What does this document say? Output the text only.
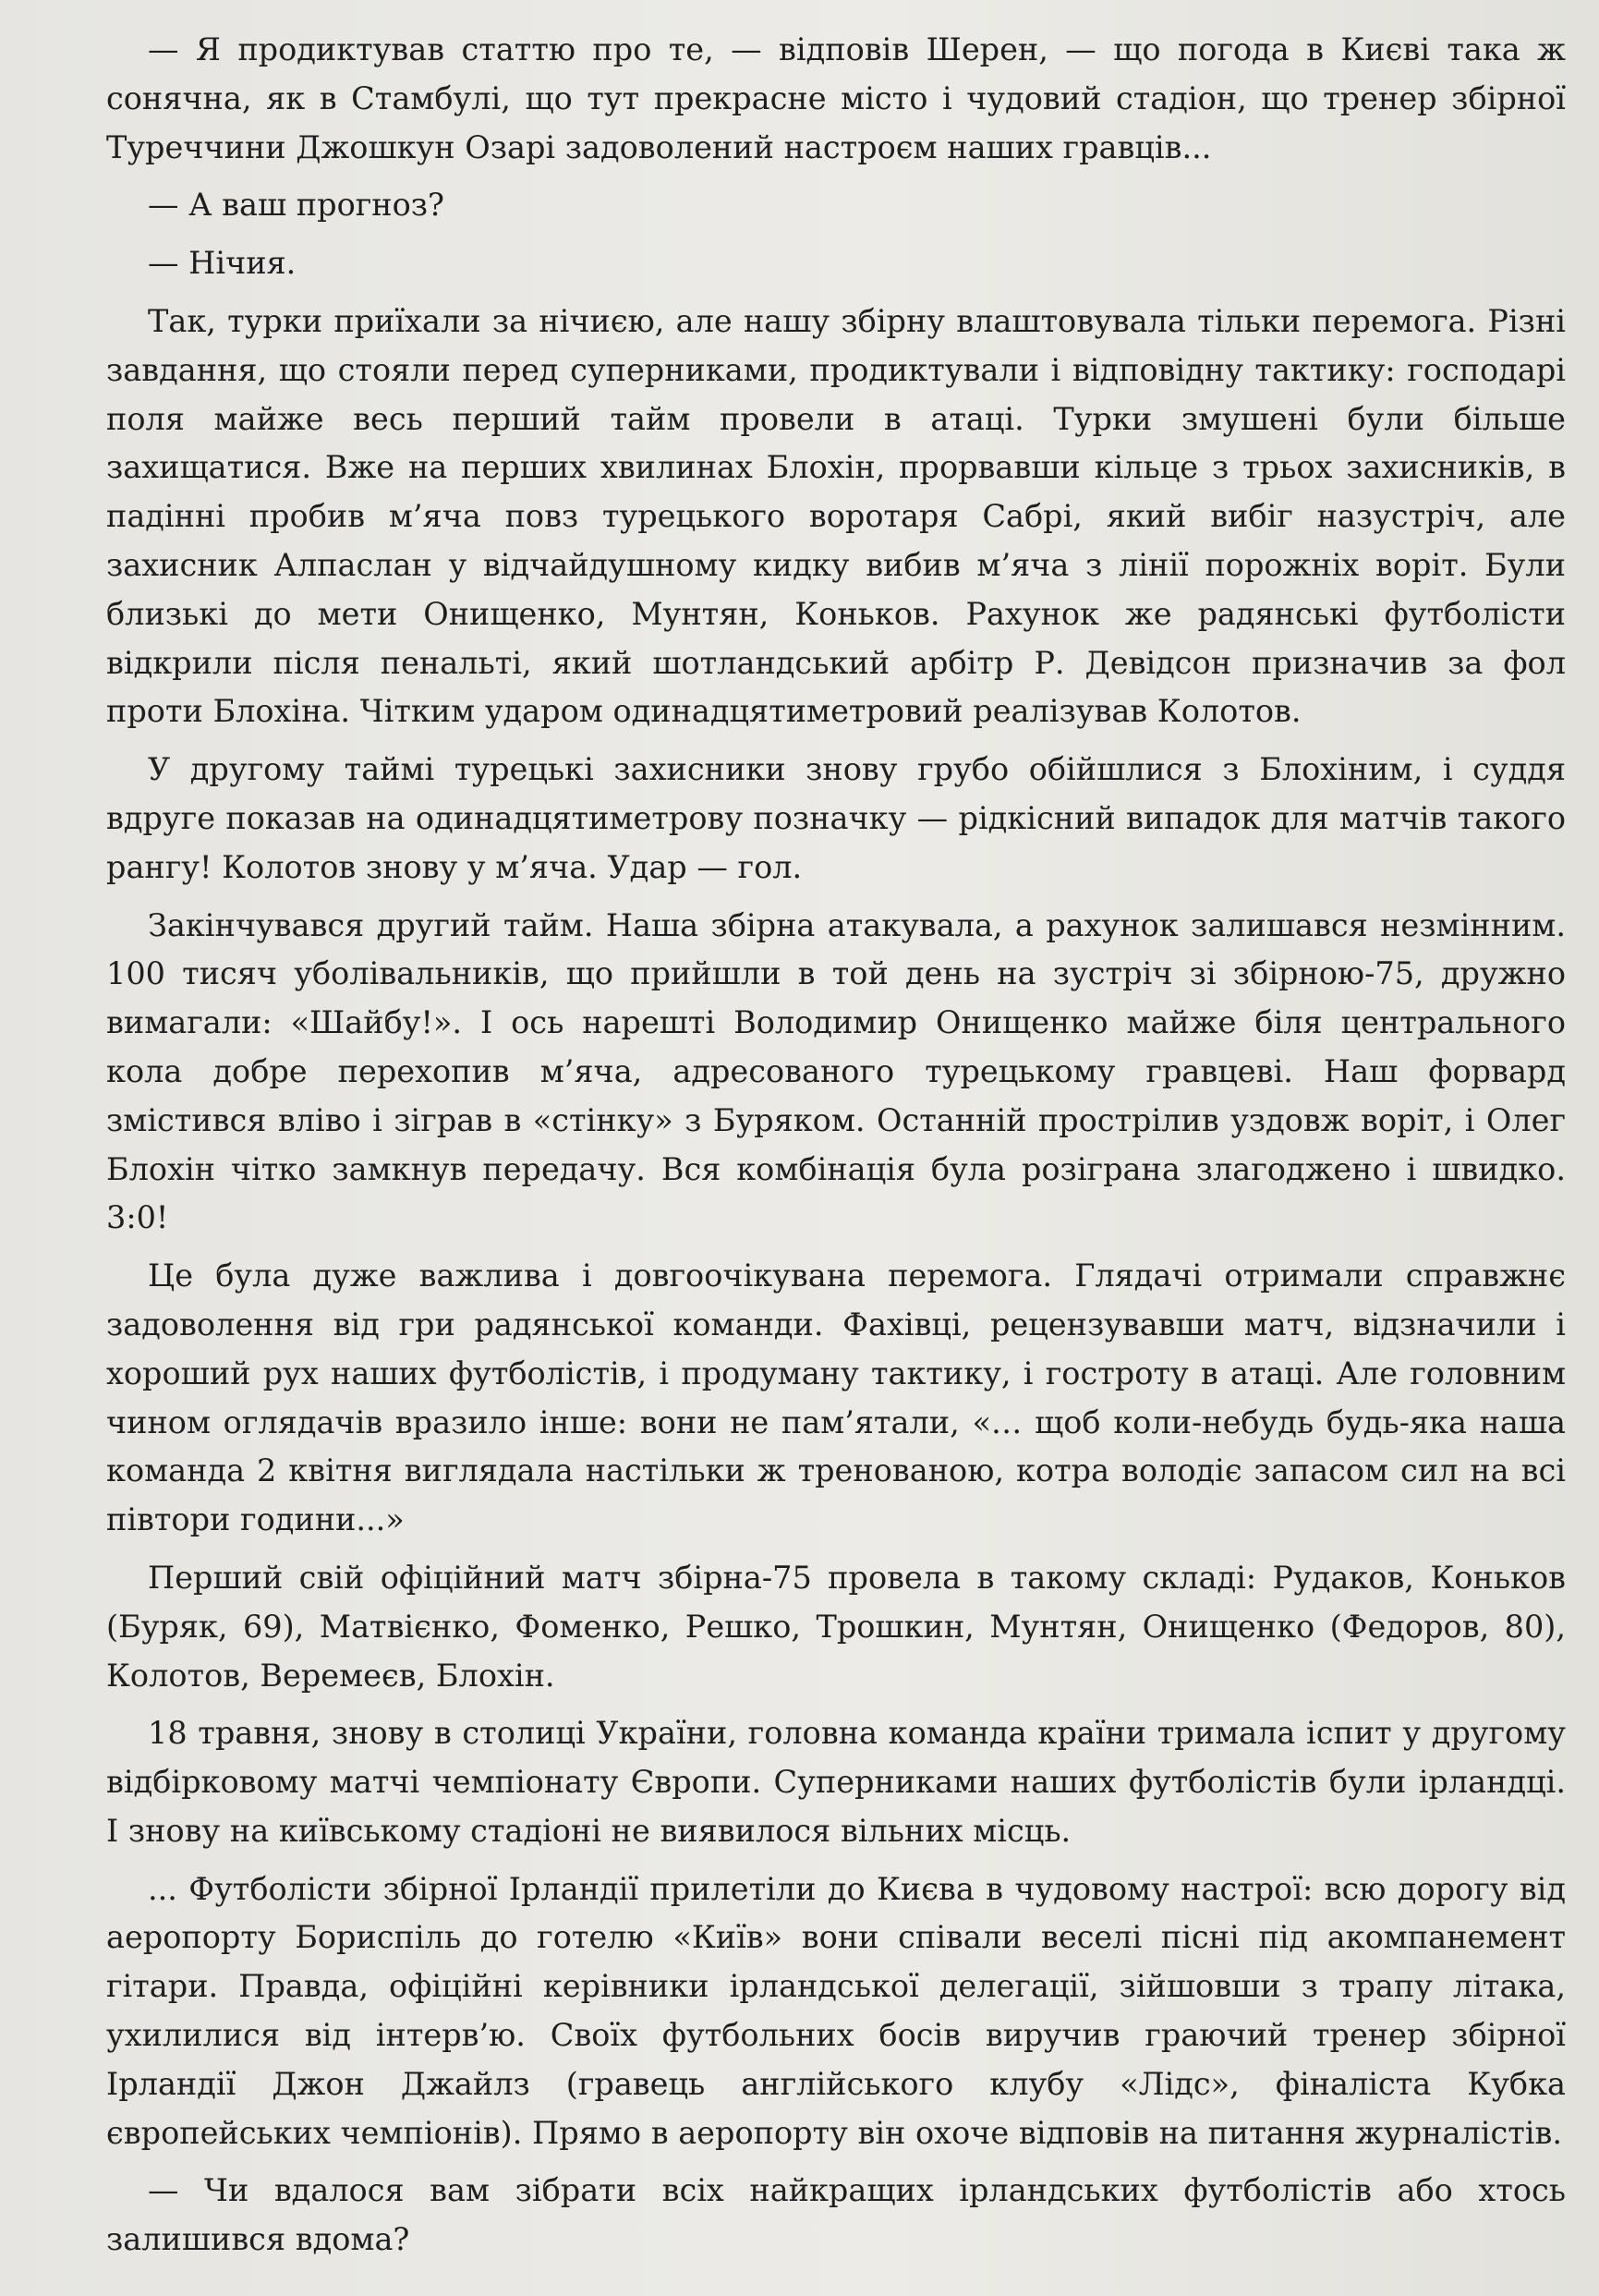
— Я продиктував статтю про те, — відповів Шерен, — що погода в Києві така ж сонячна, як в Стамбулі, що тут прекрасне місто і чудовий стадіон, що тренер збірної Туреччини Джошкун Озарі задоволений настроєм наших гравців...

— А ваш прогноз?

— Нічия.

Так, турки приїхали за нічиєю, але нашу збірну влаштовувала тільки перемога. Різні завдання, що стояли перед суперниками, продиктували і відповідну тактику: господарі поля майже весь перший тайм провели в атаці. Турки змушені були більше захищатися. Вже на перших хвилинах Блохін, прорвавши кільце з трьох захисників, в падінні пробив м’яча повз турецького воротаря Сабрі, який вибіг назустріч, але захисник Алпаслан у відчайдушному кидку вибив м’яча з лінії порожніх воріт. Були близькі до мети Онищенко, Мунтян, Коньков. Рахунок же радянські футболісти відкрили після пенальті, який шотландський арбітр Р. Девідсон призначив за фол проти Блохіна. Чітким ударом одинадцятиметровий реалізував Колотов.

У другому таймі турецькі захисники знову грубо обійшлися з Блохіним, і суддя вдруге показав на одинадцятиметрову позначку — рідкісний випадок для матчів такого рангу! Колотов знову у м’яча. Удар — гол.

Закінчувався другий тайм. Наша збірна атакувала, а рахунок залишався незмінним. 100 тисяч уболівальників, що прийшли в той день на зустріч зі збірною-75, дружно вимагали: «Шайбу!». І ось нарешті Володимир Онищенко майже біля центрального кола добре перехопив м’яча, адресованого турецькому гравцеві. Наш форвард змістився вліво і зіграв в «стінку» з Буряком. Останній прострілив уздовж воріт, і Олег Блохін чітко замкнув передачу. Вся комбінація була розіграна злагоджено і швидко. 3:0!

Це була дуже важлива і довгоочікувана перемога. Глядачі отримали справжнє задоволення від гри радянської команди. Фахівці, рецензувавши матч, відзначили і хороший рух наших футболістів, і продуману тактику, і гостроту в атаці. Але головним чином оглядачів вразило інше: вони не пам’ятали, «… щоб коли-небудь будь-яка наша команда 2 квітня виглядала настільки ж тренованою, котра володіє запасом сил на всі півтори години...»

Перший свій офіційний матч збірна-75 провела в такому складі: Рудаков, Коньков (Буряк, 69), Матвієнко, Фоменко, Решко, Трошкин, Мунтян, Онищенко (Федоров, 80), Колотов, Веремеєв, Блохін.

18 травня, знову в столиці України, головна команда країни тримала іспит у другому відбірковому матчі чемпіонату Європи. Суперниками наших футболістів були ірландці. І знову на київському стадіоні не виявилося вільних місць.

... Футболісти збірної Ірландії прилетіли до Києва в чудовому настрої: всю дорогу від аеропорту Бориспіль до готелю «Київ» вони співали веселі пісні під акомпанемент гітари. Правда, офіційні керівники ірландської делегації, зійшовши з трапу літака, ухилилися від інтерв’ю. Своїх футбольних босів виручив граючий тренер збірної Ірландії Джон Джайлз (гравець англійського клубу «Лідс», фіналіста Кубка європейських чемпіонів). Прямо в аеропорту він охоче відповів на питання журналістів.

— Чи вдалося вам зібрати всіх найкращих ірландських футболістів або хтось залишився вдома?
